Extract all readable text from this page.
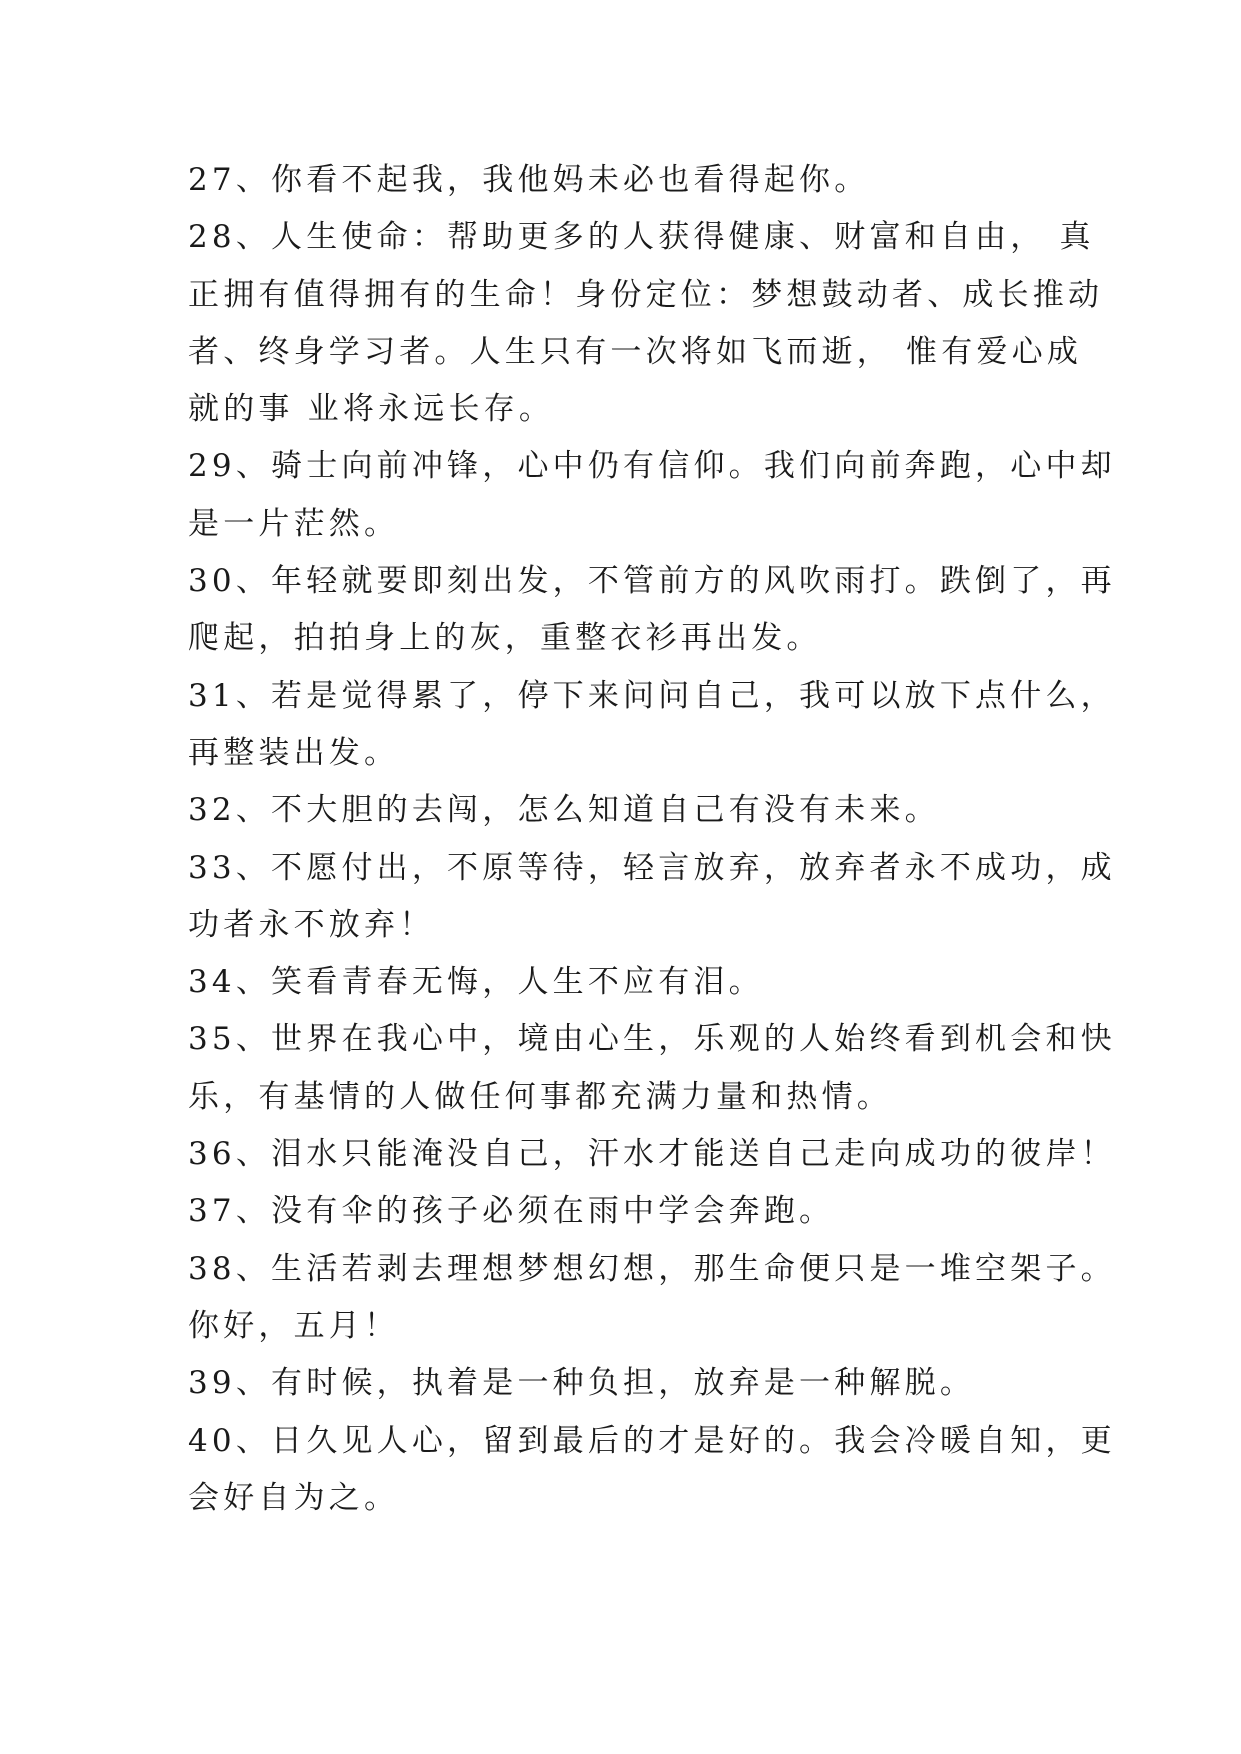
27、你看不起我，我他妈未必也看得起你。
28、人生使命：帮助更多的人获得健康、财富和自由， 真
正拥有值得拥有的生命！身份定位：梦想鼓动者、成长推动
者、终身学习者。人生只有一次将如飞而逝， 惟有爱心成
就的事 业将永远长存。
29、骑士向前冲锋，心中仍有信仰。我们向前奔跑，心中却
是一片茫然。
30、年轻就要即刻出发，不管前方的风吹雨打。跌倒了，再
爬起，拍拍身上的灰，重整衣衫再出发。
31、若是觉得累了，停下来问问自己，我可以放下点什么，
再整装出发。
32、不大胆的去闯，怎么知道自己有没有未来。
33、不愿付出，不原等待，轻言放弃，放弃者永不成功，成
功者永不放弃！
34、笑看青春无悔，人生不应有泪。
35、世界在我心中，境由心生，乐观的人始终看到机会和快
乐，有基情的人做任何事都充满力量和热情。
36、泪水只能淹没自己，汗水才能送自己走向成功的彼岸！
37、没有伞的孩子必须在雨中学会奔跑。
38、生活若剥去理想梦想幻想，那生命便只是一堆空架子。
你好，五月！
39、有时候，执着是一种负担，放弃是一种解脱。
40、日久见人心，留到最后的才是好的。我会冷暖自知，更
会好自为之。
